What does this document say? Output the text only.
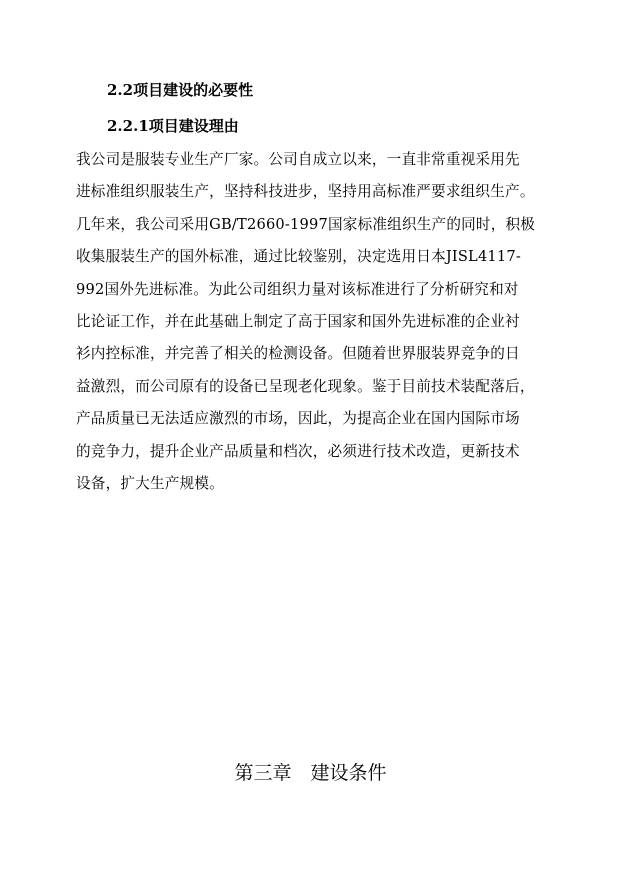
2.2项目建设的必要性
2.2.1项目建设理由
我公司是服装专业生产厂家。公司自成立以来，一直非常重视采用先
进标准组织服装生产，坚持科技进步，坚持用高标准严要求组织生产。
几年来，我公司采用GB/T2660-1997国家标准组织生产的同时，积极
收集服装生产的国外标准，通过比较鉴别，决定选用日本JISL4117-
992国外先进标准。为此公司组织力量对该标准进行了分析研究和对
比论证工作，并在此基础上制定了高于国家和国外先进标准的企业衬
衫内控标准，并完善了相关的检测设备。但随着世界服装界竞争的日
益激烈，而公司原有的设备已呈现老化现象。鉴于目前技术装配落后，
产品质量已无法适应激烈的市场，因此，为提高企业在国内国际市场
的竞争力，提升企业产品质量和档次，必须进行技术改造，更新技术
设备，扩大生产规模。
第三章　建设条件
